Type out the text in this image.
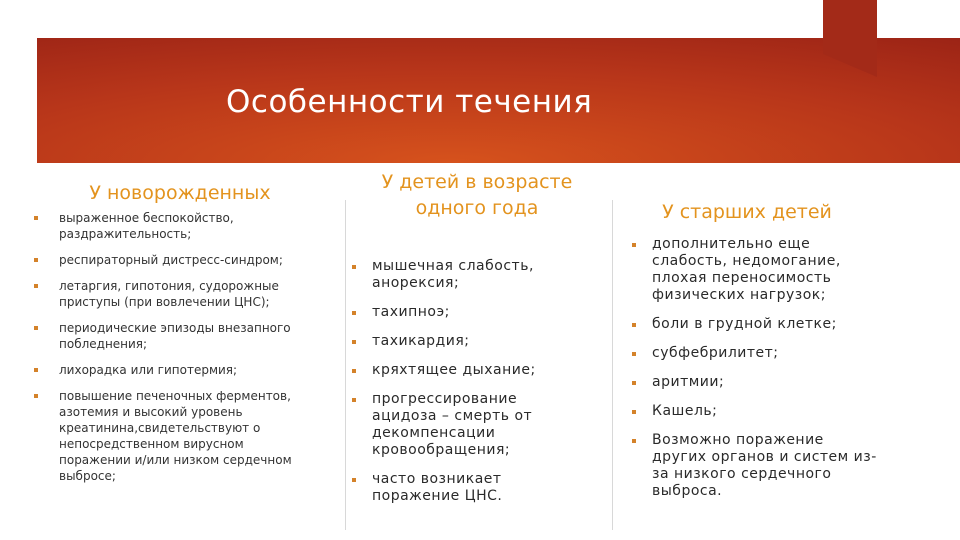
Особенности течения
У новорожденных
выраженное беспокойство, раздражительность;
респираторный дистресс-синдром;
летаргия, гипотония, судорожные приступы (при вовлечении ЦНС);
периодические эпизоды внезапного побледнения;
лихорадка или гипотермия;
повышение печеночных ферментов, азотемия и высокий уровень креатинина,свидетельствуют о непосредственном вирусном поражении и/или низком сердечном выбросе;
У детей в возрасте одного года
мышечная слабость, анорексия;
тахипноэ;
тахикардия;
кряхтящее дыхание;
прогрессирование ацидоза – смерть от декомпенсации кровообращения;
часто возникает поражение ЦНС.
У старших детей
дополнительно еще слабость, недомогание, плохая переносимость физических нагрузок;
боли в грудной клетке;
субфебрилитет;
аритмии;
Кашель;
Возможно поражение других органов и систем из-за низкого сердечного выброса.
